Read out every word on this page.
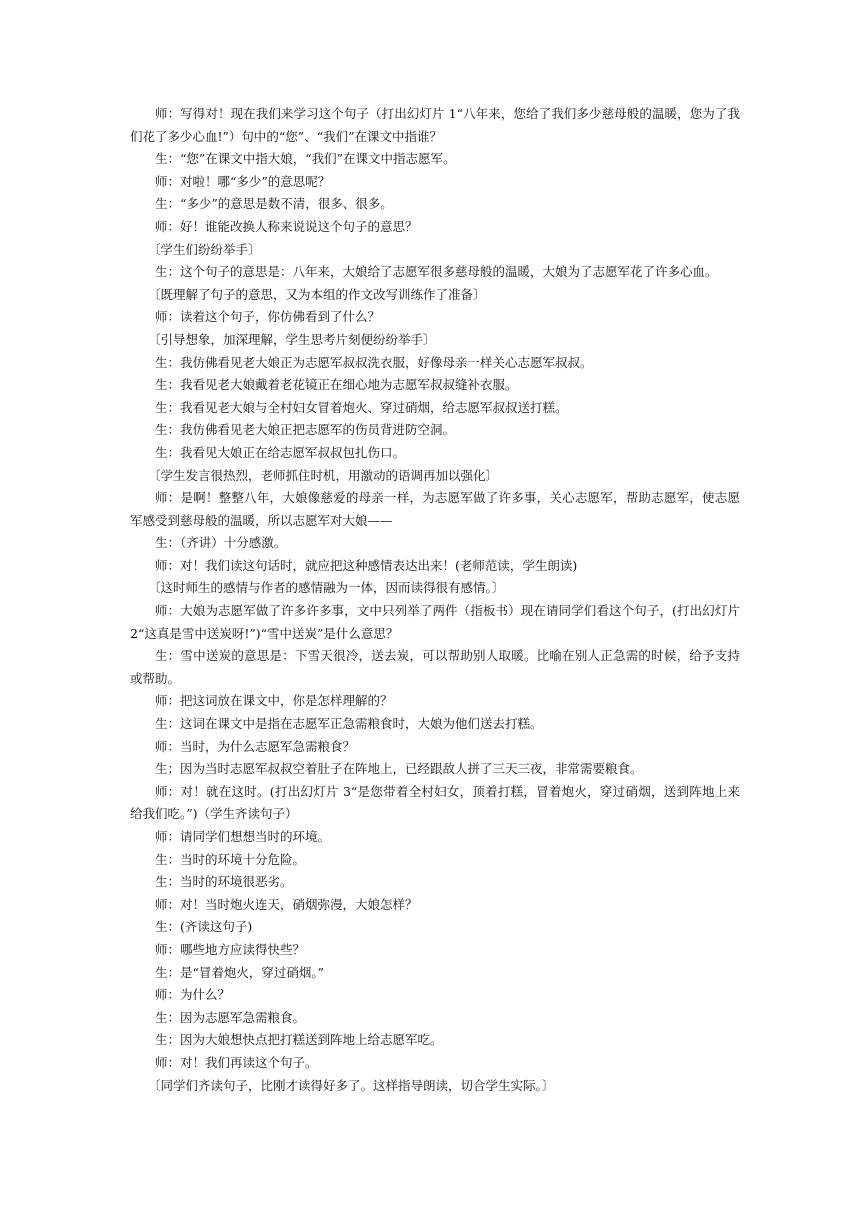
师：写得对！现在我们来学习这个句子（打出幻灯片 1“八年来，您给了我们多少慈母般的温暖，您为了我们花了多少心血!”）句中的“您”、“我们”在课文中指谁？

生：“您”在课文中指大娘，“我们”在课文中指志愿军。

师：对啦！哪“多少”的意思呢？

生：“多少”的意思是数不清，很多、很多。

师：好！谁能改换人称来说说这个句子的意思？

〔学生们纷纷举手〕

生：这个句子的意思是：八年来，大娘给了志愿军很多慈母般的温暖，大娘为了志愿军花了许多心血。

〔既理解了句子的意思，又为本组的作文改写训练作了准备〕

师：读着这个句子，你仿佛看到了什么？

〔引导想象，加深理解，学生思考片刻便纷纷举手〕

生：我仿佛看见老大娘正为志愿军叔叔洗衣服，好像母亲一样关心志愿军叔叔。

生：我看见老大娘戴着老花镜正在细心地为志愿军叔叔缝补衣服。

生：我看见老大娘与全村妇女冒着炮火、穿过硝烟，给志愿军叔叔送打糕。

生：我仿佛看见老大娘正把志愿军的伤员背进防空洞。

生：我看见大娘正在给志愿军叔叔包扎伤口。

〔学生发言很热烈，老师抓住时机，用激动的语调再加以强化〕

师：是啊！整整八年，大娘像慈爱的母亲一样，为志愿军做了许多事，关心志愿军，帮助志愿军，使志愿军感受到慈母般的温暖，所以志愿军对大娘——

生：（齐讲）十分感激。

师：对！我们读这句话时，就应把这种感情表达出来！(老师范读，学生朗读)

〔这时师生的感情与作者的感情融为一体，因而读得很有感情。〕

师：大娘为志愿军做了许多许多事，文中只列举了两件（指板书）现在请同学们看这个句子，(打出幻灯片 2“这真是雪中送炭呀!”)“雪中送炭”是什么意思？

生：雪中送炭的意思是：下雪天很冷，送去炭，可以帮助别人取暖。比喻在别人正急需的时候，给予支持或帮助。

师：把这词放在课文中，你是怎样理解的？

生：这词在课文中是指在志愿军正急需粮食时，大娘为他们送去打糕。

师：当时，为什么志愿军急需粮食？

生；因为当时志愿军叔叔空着肚子在阵地上，已经跟敌人拼了三天三夜，非常需要粮食。

师：对！就在这时。(打出幻灯片 3“是您带着全村妇女，顶着打糕，冒着炮火，穿过硝烟，送到阵地上来给我们吃。”)（学生齐读句子）

师：请同学们想想当时的环境。

生：当时的环境十分危险。

生：当时的环境很恶劣。

师：对！当时炮火连天，硝烟弥漫，大娘怎样？

生：(齐读这句子)

师：哪些地方应读得快些？

生：是“冒着炮火，穿过硝烟。”

师：为什么？

生：因为志愿军急需粮食。

生：因为大娘想快点把打糕送到阵地上给志愿军吃。

师：对！我们再读这个句子。

〔同学们齐读句子，比刚才读得好多了。这样指导朗读，切合学生实际。〕
